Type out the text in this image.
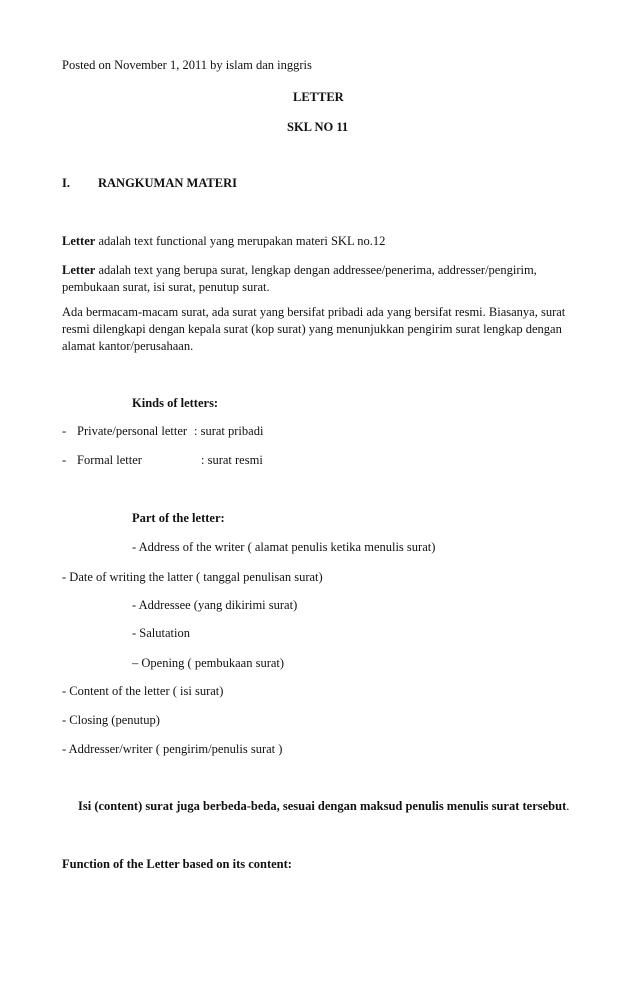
Posted on November 1, 2011 by islam dan inggris
LETTER
SKL NO 11
I. RANGKUMAN MATERI
Letter adalah text functional yang merupakan materi SKL no.12
Letter adalah text yang berupa surat, lengkap dengan addressee/penerima, addresser/pengirim, pembukaan surat, isi surat, penutup surat.
Ada bermacam-macam surat, ada surat yang bersifat pribadi ada yang bersifat resmi. Biasanya, surat resmi dilengkapi dengan kepala surat (kop surat) yang menunjukkan pengirim surat lengkap dengan alamat kantor/perusahaan.
Kinds of letters:
- Private/personal letter : surat pribadi
- Formal letter	: surat resmi
Part of the letter:
- Address of the writer ( alamat penulis ketika menulis surat)
- Date of writing the latter ( tanggal penulisan surat)
- Addressee (yang dikirimi surat)
- Salutation
– Opening ( pembukaan surat)
- Content of the letter ( isi surat)
- Closing (penutup)
- Addresser/writer ( pengirim/penulis surat )
Isi (content) surat juga berbeda-beda, sesuai dengan maksud penulis menulis surat tersebut.
Function of the Letter based on its content:
